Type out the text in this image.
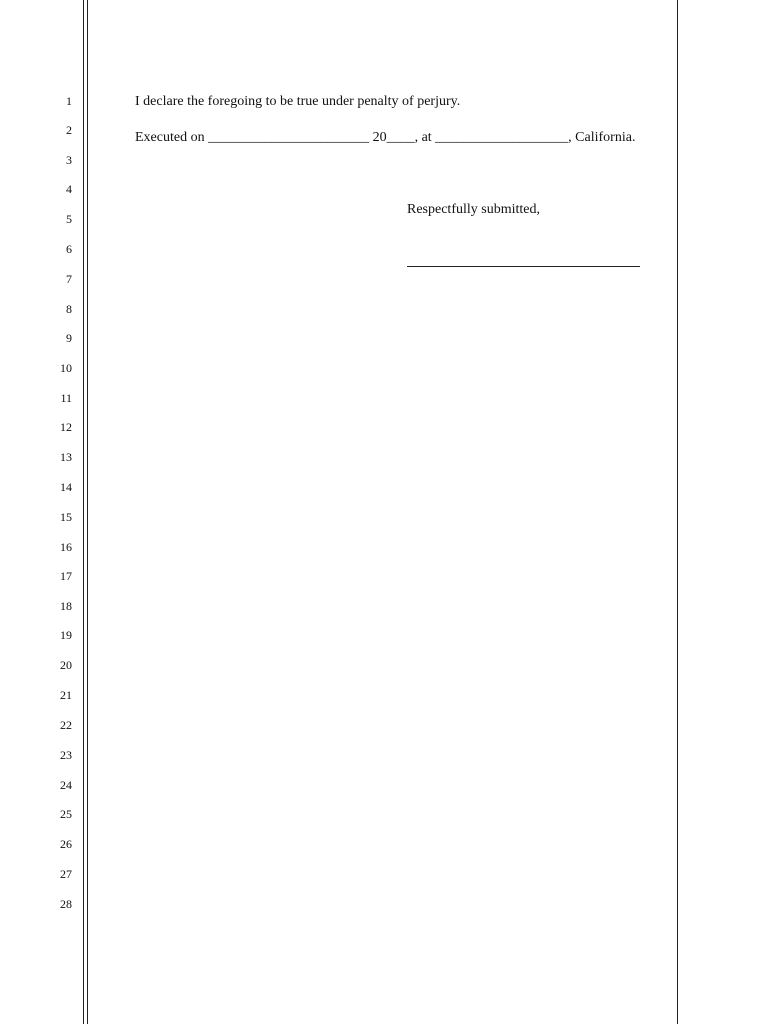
1
2
3
4
5
6
7
8
9
10
11
12
13
14
15
16
17
18
19
20
21
22
23
24
25
26
27
28
I declare the foregoing to be true under penalty of perjury.
Executed on _______________________ 20____, at ___________________, California.
Respectfully submitted,
